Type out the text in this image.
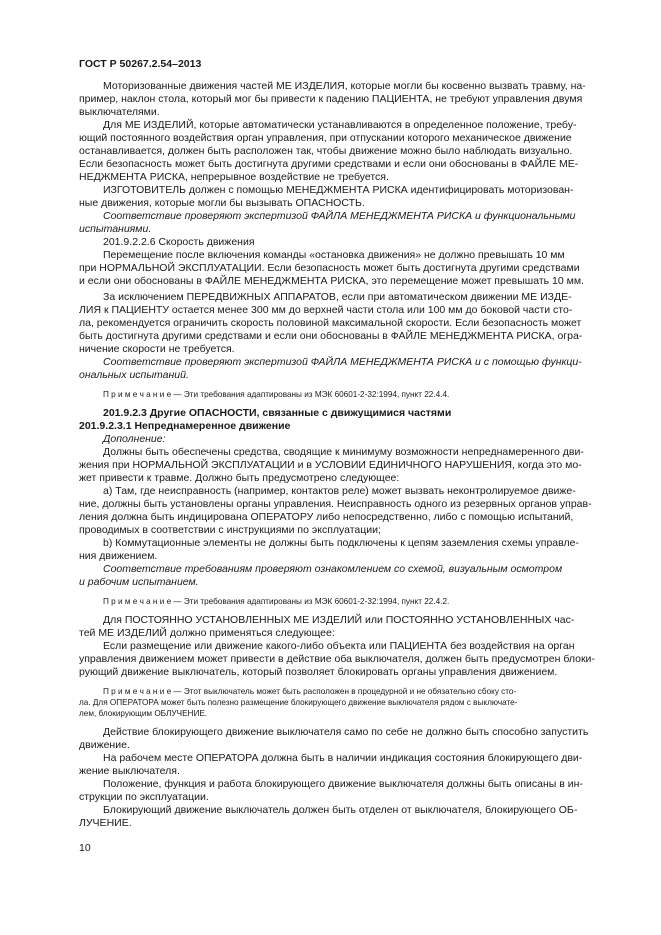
ГОСТ Р 50267.2.54–2013
Моторизованные движения частей МЕ ИЗДЕЛИЯ, которые могли бы косвенно вызвать травму, на-
пример, наклон стола, который мог бы привести к падению ПАЦИЕНТА, не требуют управления двумя
выключателями.
Для МЕ ИЗДЕЛИЙ, которые автоматически устанавливаются в определенное положение, требу-
ющий постоянного воздействия орган управления, при отпускании которого механическое движение
останавливается, должен быть расположен так, чтобы движение можно было наблюдать визуально.
Если безопасность может быть достигнута другими средствами и если они обоснованы в ФАЙЛЕ МЕ-
НЕДЖМЕНТА РИСКА, непрерывное воздействие не требуется.
ИЗГОТОВИТЕЛЬ должен с помощью МЕНЕДЖМЕНТА РИСКА идентифицировать моторизован-
ные движения, которые могли бы вызывать ОПАСНОСТЬ.
Соответствие проверяют экспертизой ФАЙЛА МЕНЕДЖМЕНТА РИСКА и функциональными
испытаниями.
201.9.2.2.6 Скорость движения
Перемещение после включения команды «остановка движения» не должно превышать 10 мм
при НОРМАЛЬНОЙ ЭКСПЛУАТАЦИИ. Если безопасность может быть достигнута другими средствами
и если они обоснованы в ФАЙЛЕ МЕНЕДЖМЕНТА РИСКА, это перемещение может превышать 10 мм.
За исключением ПЕРЕДВИЖНЫХ АППАРАТОВ, если при автоматическом движении МЕ ИЗДЕ-
ЛИЯ к ПАЦИЕНТУ остается менее 300 мм до верхней части стола или 100 мм до боковой части сто-
ла, рекомендуется ограничить скорость половиной максимальной скорости. Если безопасность может
быть достигнута другими средствами и если они обоснованы в ФАЙЛЕ МЕНЕДЖМЕНТА РИСКА, огра-
ничение скорости не требуется.
Соответствие проверяют экспертизой ФАЙЛА МЕНЕДЖМЕНТА РИСКА и с помощью функци-
ональных испытаний.
П р и м е ч а н и е — Эти требования адаптированы из МЭК 60601-2-32:1994, пункт 22.4.4.
201.9.2.3 Другие ОПАСНОСТИ, связанные с движущимися частями
201.9.2.3.1 Непреднамеренное движение
Дополнение:
Должны быть обеспечены средства, сводящие к минимуму возможности непреднамеренного дви-
жения при НОРМАЛЬНОЙ ЭКСПЛУАТАЦИИ и в УСЛОВИИ ЕДИНИЧНОГО НАРУШЕНИЯ, когда это мо-
жет привести к травме. Должно быть предусмотрено следующее:
a) Там, где неисправность (например, контактов реле) может вызвать неконтролируемое движе-
ние, должны быть установлены органы управления. Неисправность одного из резервных органов управ-
ления должна быть индицирована ОПЕРАТОРУ либо непосредственно, либо с помощью испытаний,
проводимых в соответствии с инструкциями по эксплуатации;
b) Коммутационные элементы не должны быть подключены к цепям заземления схемы управле-
ния движением.
Соответствие требованиям проверяют ознакомлением со схемой, визуальным осмотром
и рабочим испытанием.
П р и м е ч а н и е — Эти требования адаптированы из МЭК 60601-2-32:1994, пункт 22.4.2.
Для ПОСТОЯННО УСТАНОВЛЕННЫХ МЕ ИЗДЕЛИЙ или ПОСТОЯННО УСТАНОВЛЕННЫХ час-
тей МЕ ИЗДЕЛИЙ должно применяться следующее:
Если размещение или движение какого-либо объекта или ПАЦИЕНТА без воздействия на орган
управления движением может привести в действие оба выключателя, должен быть предусмотрен блоки-
рующий движение выключатель, который позволяет блокировать органы управления движением.
П р и м е ч а н и е — Этот выключатель может быть расположен в процедурной и не обязательно сбоку сто-
ла. Для ОПЕРАТОРА может быть полезно размещение блокирующего движение выключателя рядом с выключате-
лем, блокирующим ОБЛУЧЕНИЕ.
Действие блокирующего движение выключателя само по себе не должно быть способно запустить
движение.
На рабочем месте ОПЕРАТОРА должна быть в наличии индикация состояния блокирующего дви-
жение выключателя.
Положение, функция и работа блокирующего движение выключателя должны быть описаны в ин-
струкции по эксплуатации.
Блокирующий движение выключатель должен быть отделен от выключателя, блокирующего ОБ-
ЛУЧЕНИЕ.
10
